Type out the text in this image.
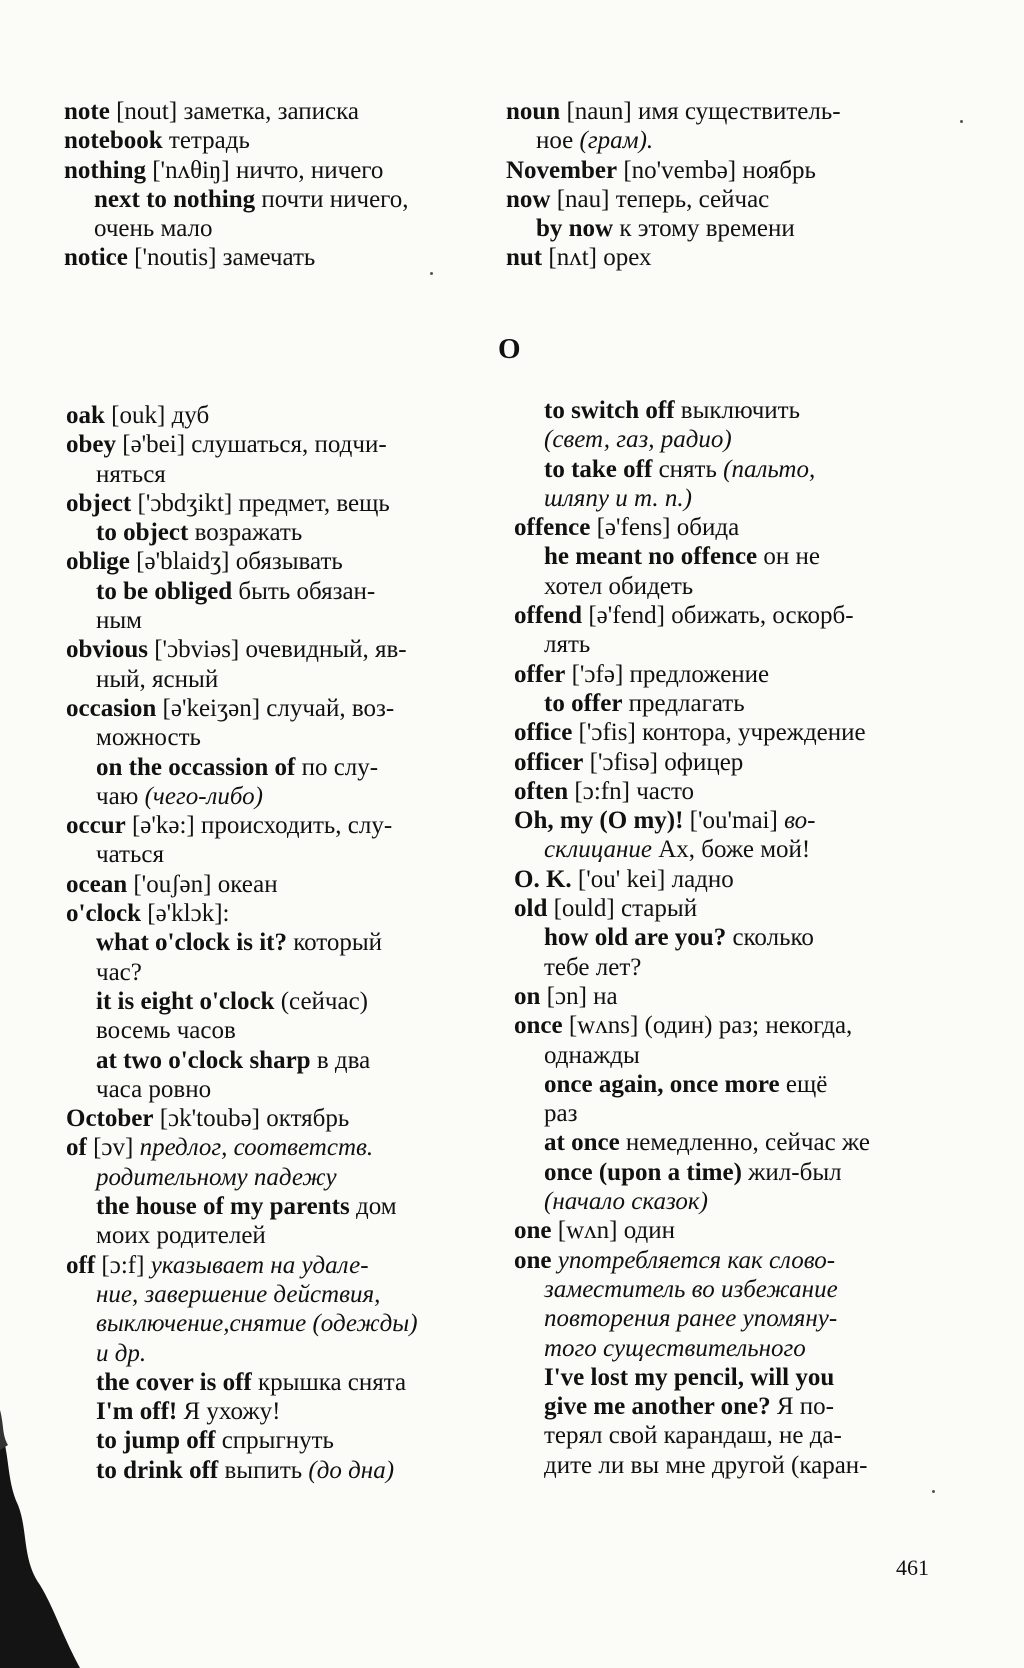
note [nout] заметка, записка
notebook тетрадь
nothing ['nʌθiŋ] ничто, ничего
next to nothing почти ничего,
очень мало
notice ['noutis] замечать
noun [naun] имя существитель-
ное (грам).
November [no'vembə] ноябрь
now [nau] теперь, сейчас
by now к этому времени
nut [nʌt] орех
O
oak [ouk] дуб
obey [ə'bei] слушаться, подчи-
няться
object ['ɔbdʒikt] предмет, вещь
to object возражать
oblige [ə'blaidʒ] обязывать
to be obliged быть обязан-
ным
obvious ['ɔbviəs] очевидный, яв-
ный, ясный
occasion [ə'keiʒən] случай, воз-
можность
on the occassion of по слу-
чаю (чего-либо)
occur [ə'kə:] происходить, слу-
чаться
ocean ['ouʃən] океан
o'clock [ə'klɔk]:
what o'clock is it? который
час?
it is eight o'clock (сейчас)
восемь часов
at two o'clock sharp в два
часа ровно
October [ɔk'toubə] октябрь
of [ɔv] предлог, соответств.
родительному падежу
the house of my parents дом
моих родителей
off [ɔ:f] указывает на удале-
ние, завершение действия,
выключение,снятие (одежды)
и др.
the cover is off крышка снята
I'm off! Я ухожу!
to jump off спрыгнуть
to drink off выпить (до дна)
to switch off выключить
(свет, газ, радио)
to take off снять (пальто,
шляпу и т. п.)
offence [ə'fens] обида
he meant no offence он не
хотел обидеть
offend [ə'fend] обижать, оскорб-
лять
offer ['ɔfə] предложение
to offer предлагать
office ['ɔfis] контора, учреждение
officer ['ɔfisə] офицер
often [ɔ:fn] часто
Oh, my (O my)! ['ou'mai] во-
склицание Ах, боже мой!
O. K. ['ou' kei] ладно
old [ould] старый
how old are you? сколько
тебе лет?
on [ɔn] на
once [wʌns] (один) раз; некогда,
однажды
once again, once more ещё
раз
at once немедленно, сейчас же
once (upon a time) жил-был
(начало сказок)
one [wʌn] один
one употребляется как слово-
заместитель во избежание
повторения ранее упомяну-
того существительного
I've lost my pencil, will you
give me another one? Я по-
терял свой карандаш, не да-
дите ли вы мне другой (каран-
461
